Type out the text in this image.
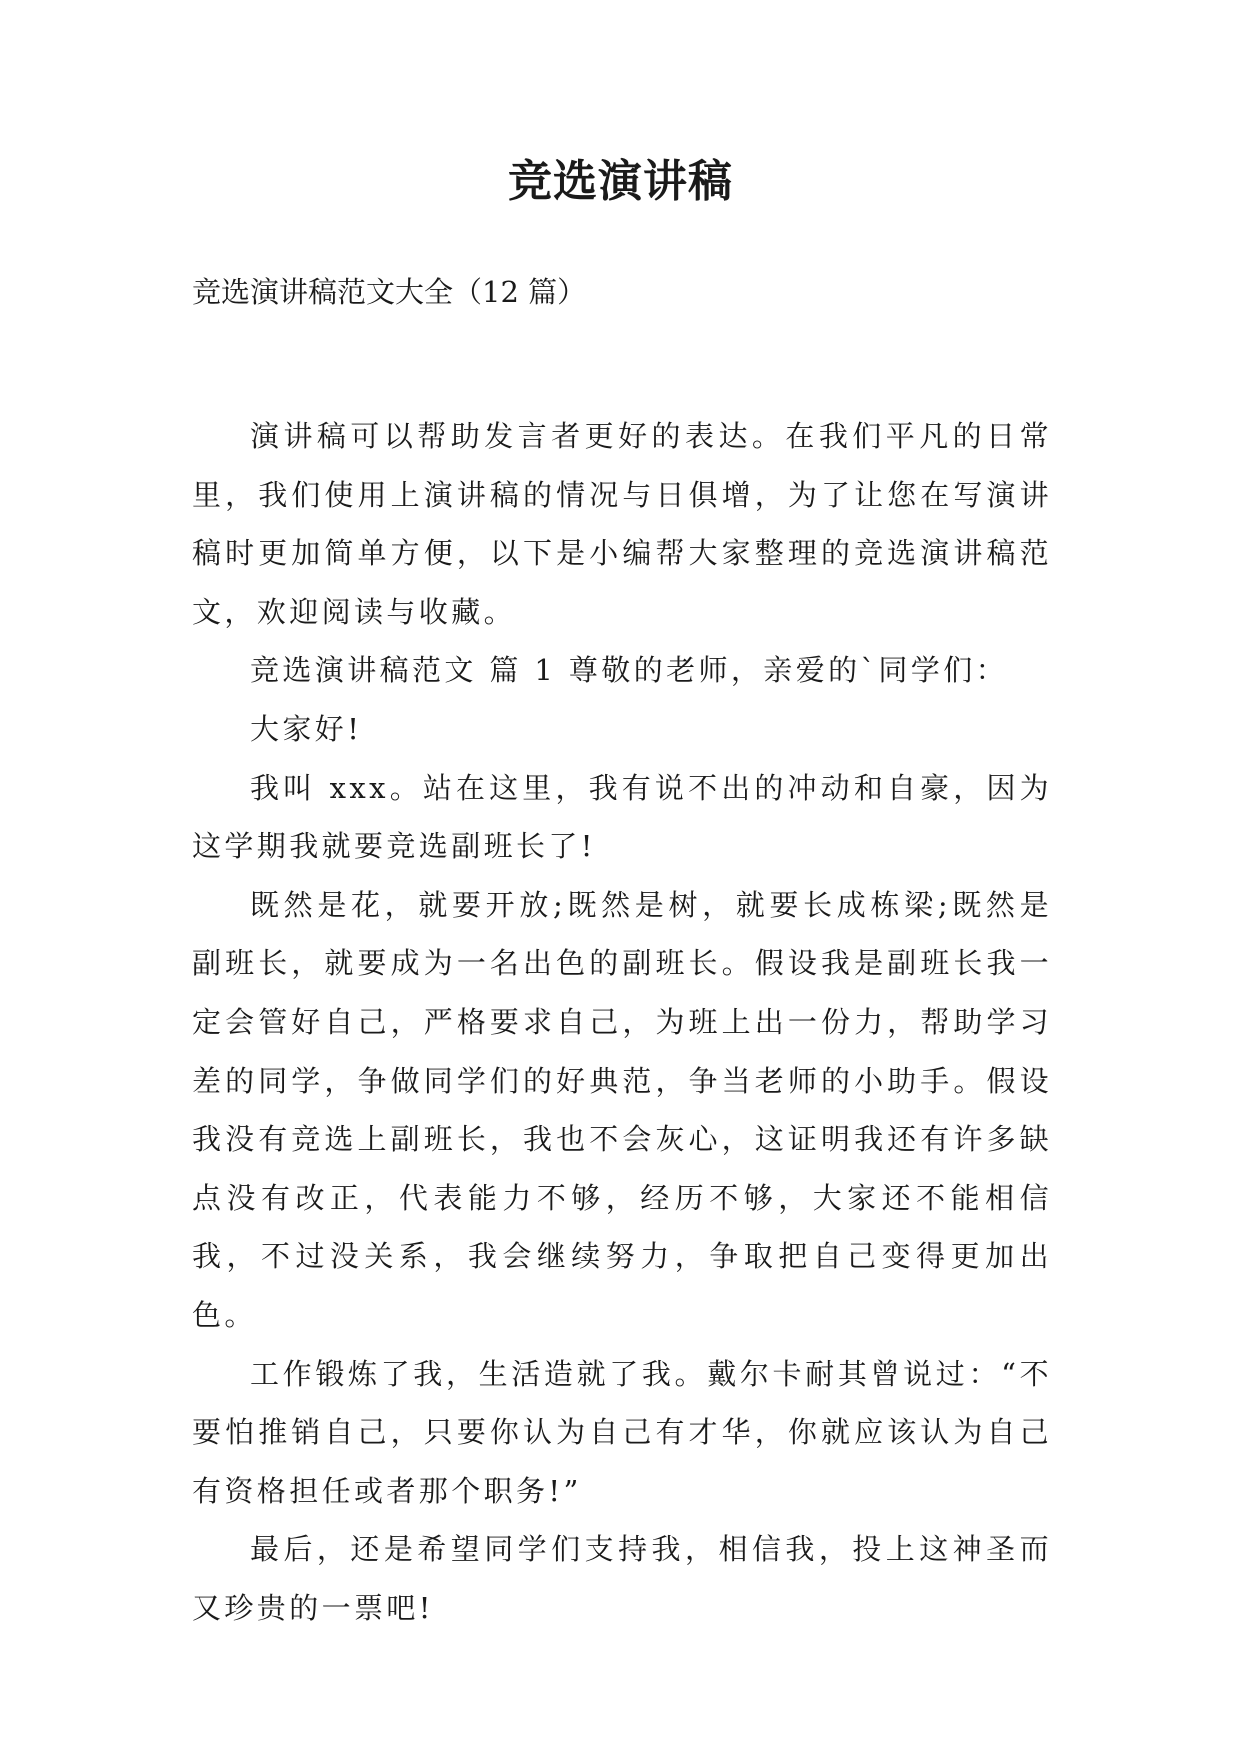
竞选演讲稿

竞选演讲稿范文大全（12 篇）

演讲稿可以帮助发言者更好的表达。在我们平凡的日常里，我们使用上演讲稿的情况与日俱增，为了让您在写演讲稿时更加简单方便，以下是小编帮大家整理的竞选演讲稿范文，欢迎阅读与收藏。

竞选演讲稿范文 篇 1 尊敬的老师，亲爱的`同学们：

大家好!

我叫 xxx。站在这里，我有说不出的冲动和自豪，因为这学期我就要竞选副班长了!

既然是花，就要开放;既然是树，就要长成栋梁;既然是副班长，就要成为一名出色的副班长。假设我是副班长我一定会管好自己，严格要求自己，为班上出一份力，帮助学习差的同学，争做同学们的好典范，争当老师的小助手。假设我没有竞选上副班长，我也不会灰心，这证明我还有许多缺点没有改正，代表能力不够，经历不够，大家还不能相信我，不过没关系，我会继续努力，争取把自己变得更加出色。

工作锻炼了我，生活造就了我。戴尔卡耐其曾说过：“不要怕推销自己，只要你认为自己有才华，你就应该认为自己有资格担任或者那个职务!”

最后，还是希望同学们支持我，相信我，投上这神圣而又珍贵的一票吧!
